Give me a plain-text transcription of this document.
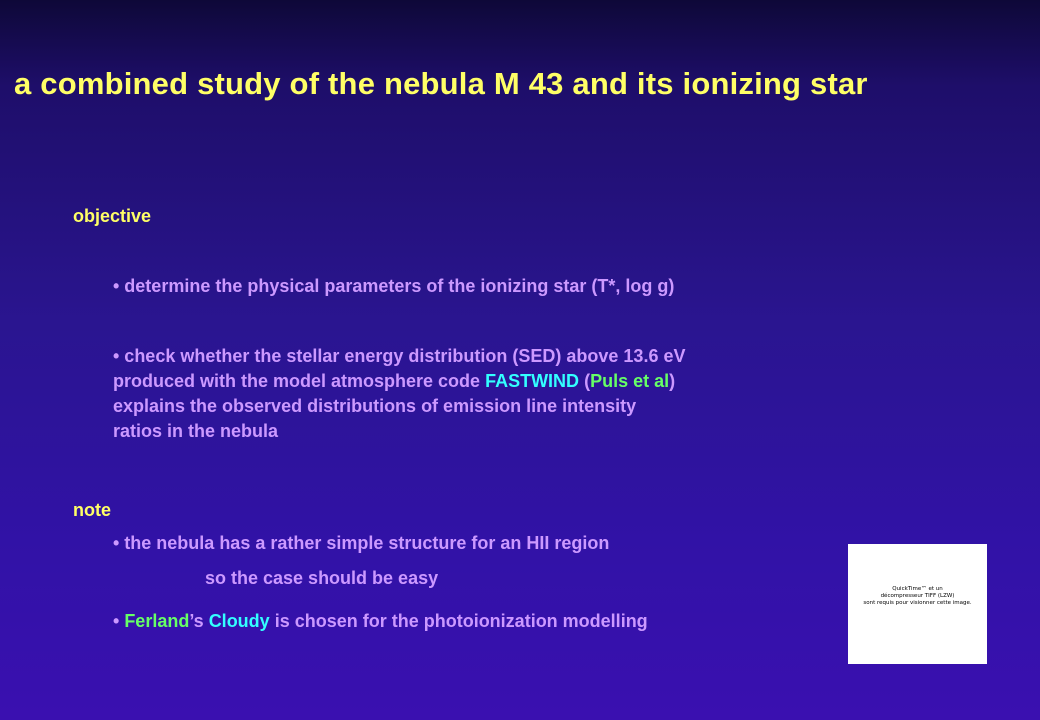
a combined study of the nebula M 43 and its ionizing star
objective
• determine the physical parameters of the ionizing star (T*, log g)
• check whether the stellar energy distribution (SED) above 13.6 eV
produced with the model atmosphere code FASTWIND (Puls et al)
explains the observed distributions of emission line intensity
ratios in the nebula
note
• the nebula has a rather simple structure for an HII region
so the case should be easy
• Ferland’s Cloudy is chosen for the photoionization modelling
QuickTime™ et un
décompresseur TIFF (LZW)
sont requis pour visionner cette image.
